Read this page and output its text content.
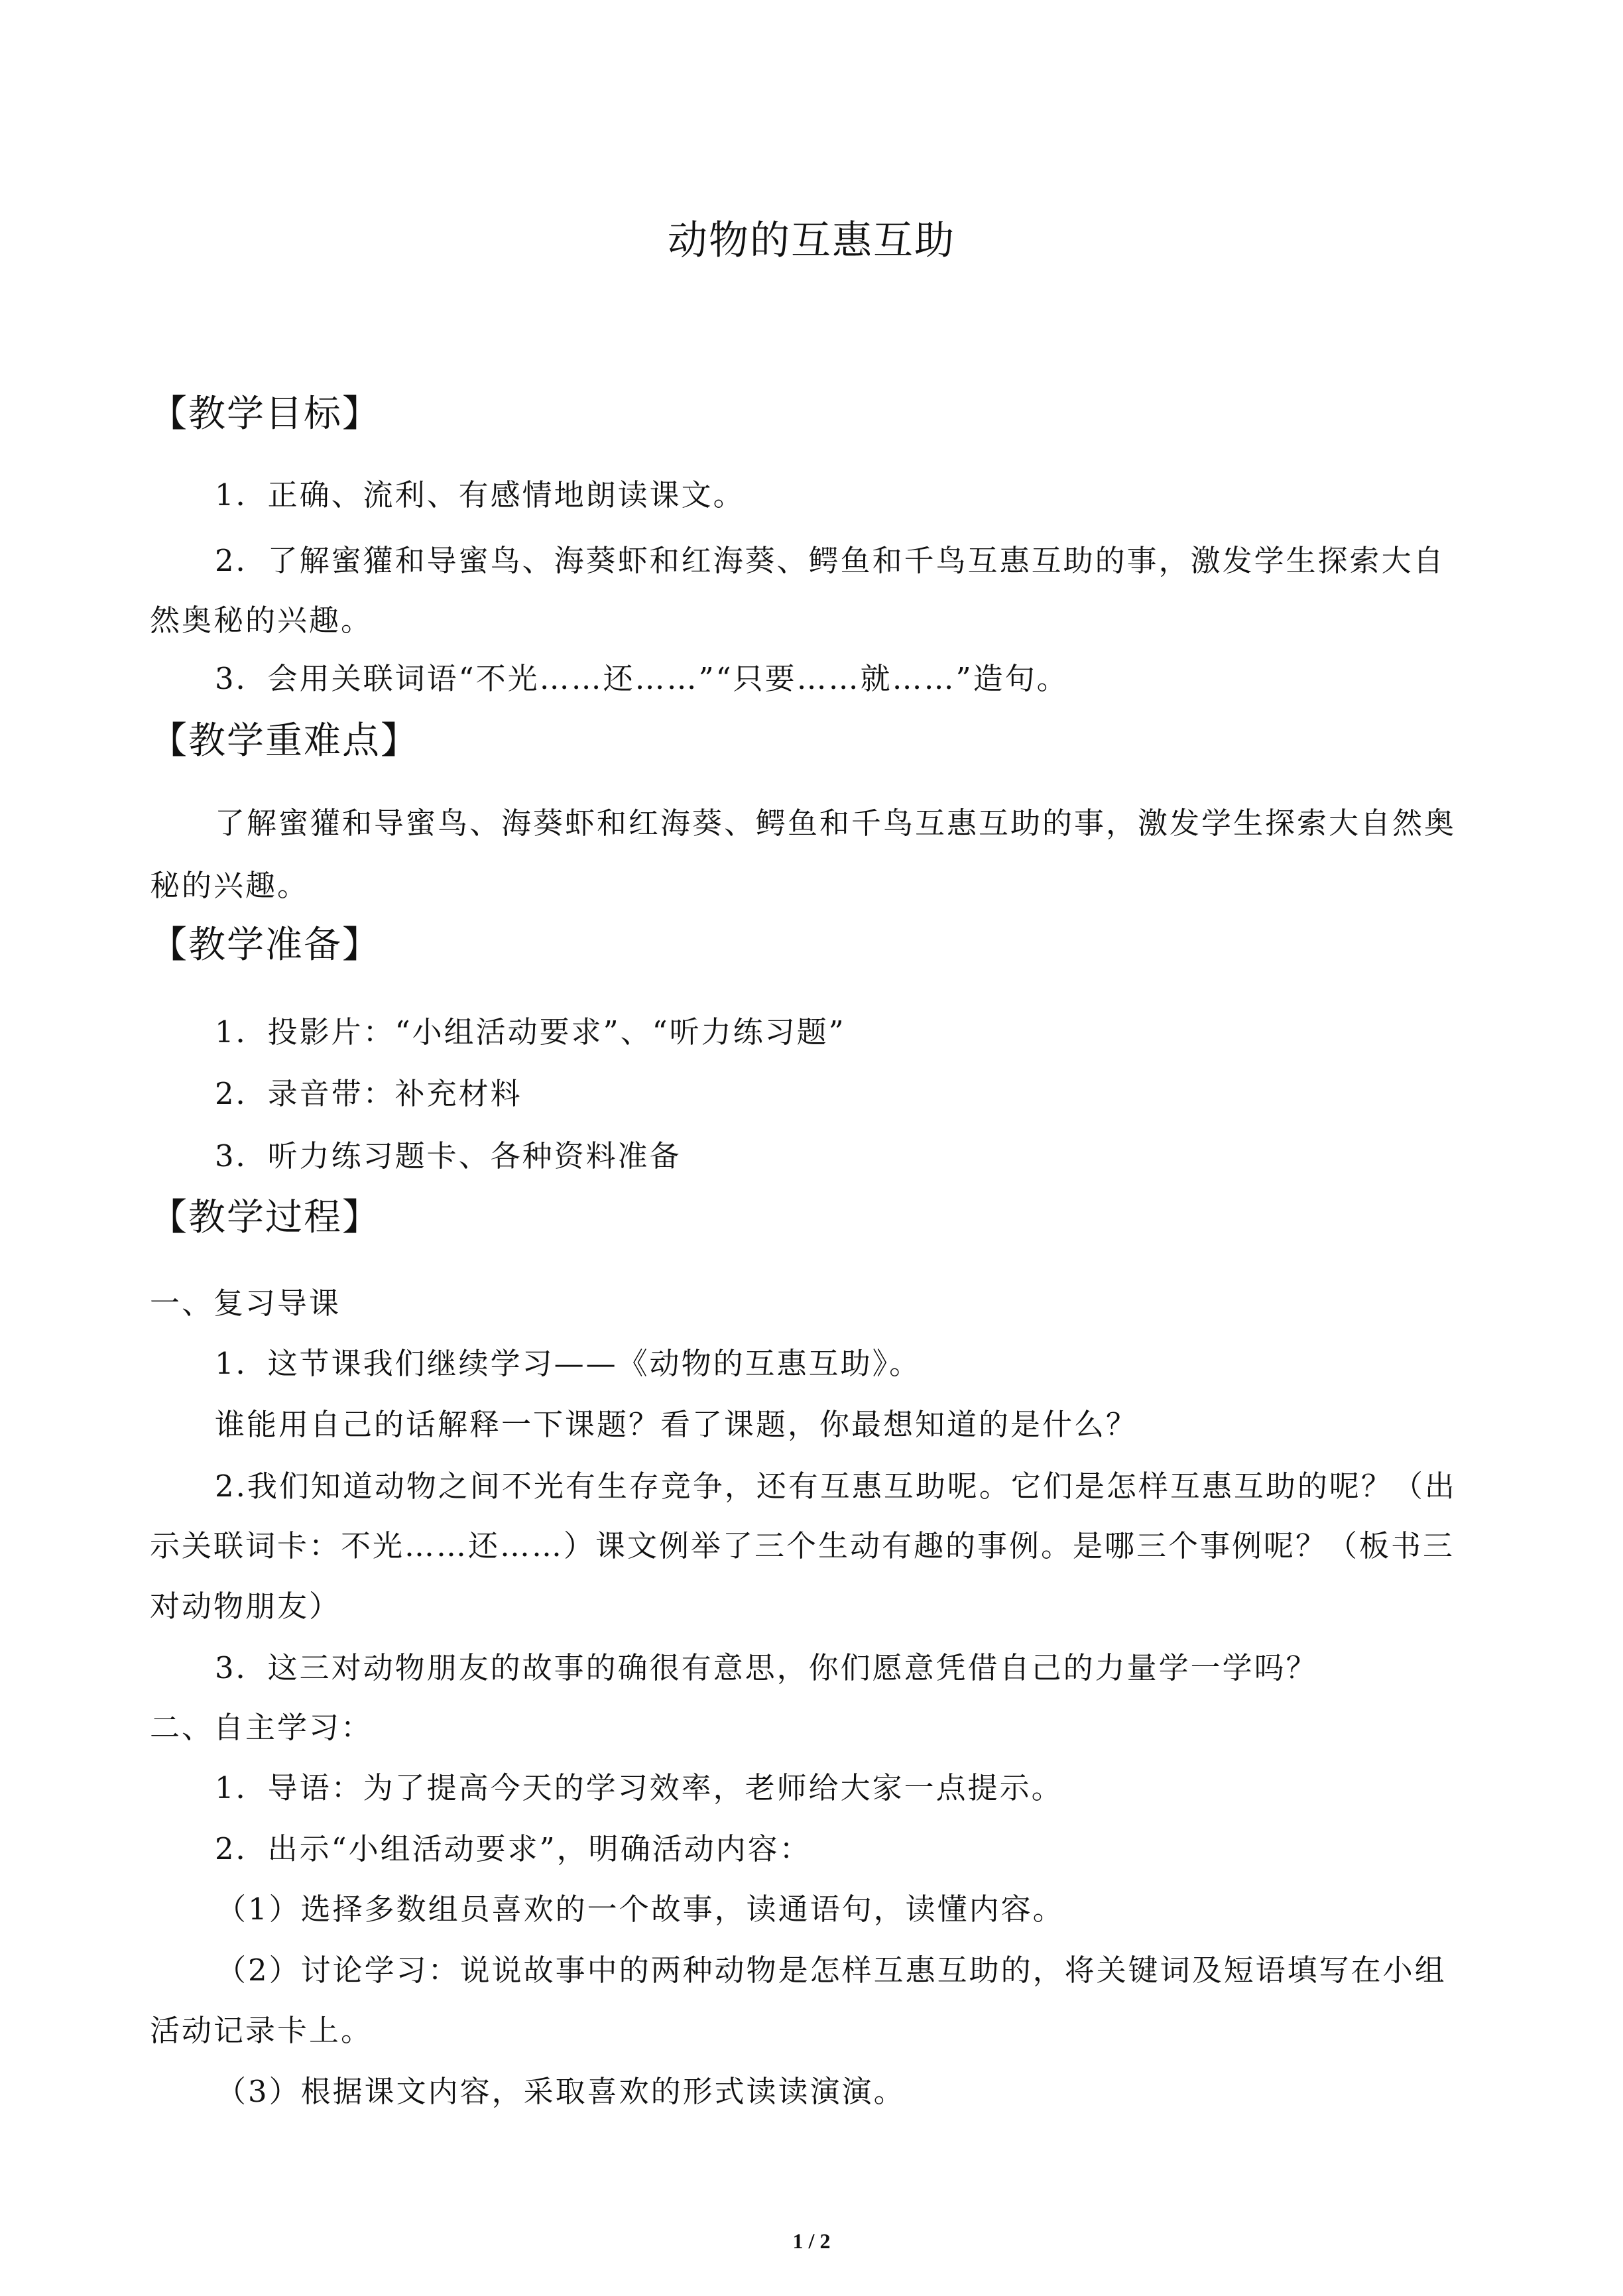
动物的互惠互助
【教学目标】
1．正确、流利、有感情地朗读课文。
2．了解蜜獾和导蜜鸟、海葵虾和红海葵、鳄鱼和千鸟互惠互助的事，激发学生探索大自
然奥秘的兴趣。
3．会用关联词语“不光……还……”“只要……就……”造句。
【教学重难点】
了解蜜獾和导蜜鸟、海葵虾和红海葵、鳄鱼和千鸟互惠互助的事，激发学生探索大自然奥
秘的兴趣。
【教学准备】
1．投影片：“小组活动要求”、“听力练习题”
2．录音带：补充材料
3．听力练习题卡、各种资料准备
【教学过程】
一、复习导课
1．这节课我们继续学习——《动物的互惠互助》。
谁能用自己的话解释一下课题？看了课题，你最想知道的是什么？
2.我们知道动物之间不光有生存竞争，还有互惠互助呢。它们是怎样互惠互助的呢？（出
示关联词卡：不光……还……）课文例举了三个生动有趣的事例。是哪三个事例呢？（板书三
对动物朋友）
3．这三对动物朋友的故事的确很有意思，你们愿意凭借自己的力量学一学吗？
二、自主学习：
1．导语：为了提高今天的学习效率，老师给大家一点提示。
2．出示“小组活动要求”，明确活动内容：
（1）选择多数组员喜欢的一个故事，读通语句，读懂内容。
（2）讨论学习：说说故事中的两种动物是怎样互惠互助的，将关键词及短语填写在小组
活动记录卡上。
（3）根据课文内容，采取喜欢的形式读读演演。
1 / 2
